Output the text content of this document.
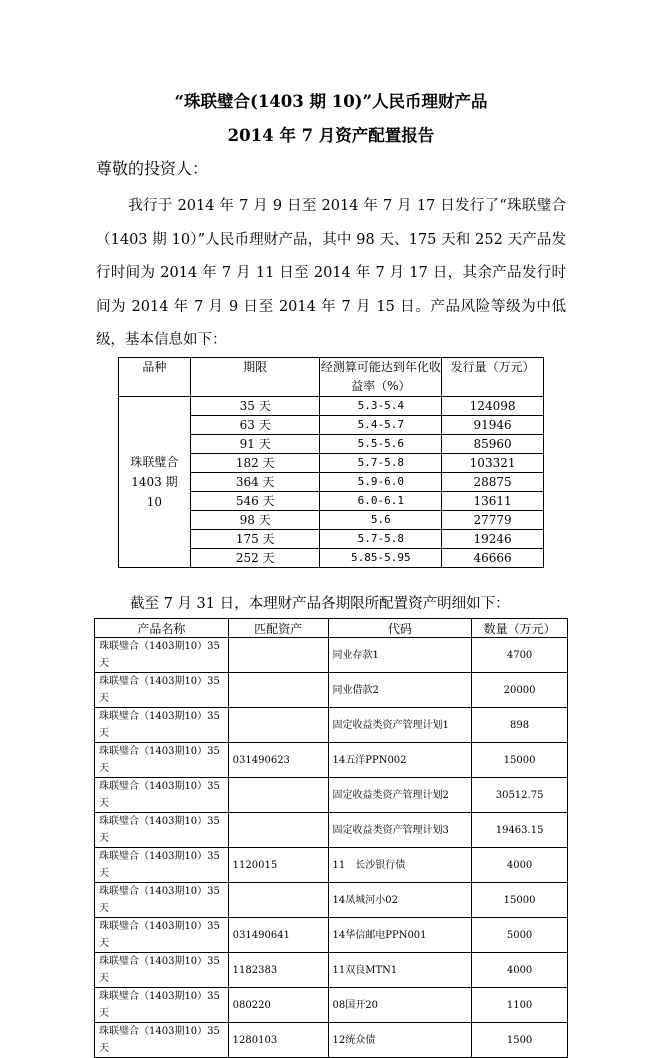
“珠联璧合(1403 期 10)”人民币理财产品
2014 年 7 月资产配置报告
尊敬的投资人：
我行于 2014 年 7 月 9 日至 2014 年 7 月 17 日发行了“珠联璧合（1403 期 10）”人民币理财产品，其中 98 天、175 天和 252 天产品发行时间为 2014 年 7 月 11 日至 2014 年 7 月 17 日，其余产品发行时间为 2014 年 7 月 9 日至 2014 年 7 月 15 日。产品风险等级为中低级，基本信息如下：
品种	期限	经测算可能达到年化收益率（%）	发行量（万元）
珠联璧合1403 期 10	35 天	5.3-5.4	124098
	63 天	5.4-5.7	91946
	91 天	5.5-5.6	85960
	182 天	5.7-5.8	103321
	364 天	5.9-6.0	28875
	546 天	6.0-6.1	13611
	98 天	5.6	27779
	175 天	5.7-5.8	19246
	252 天	5.85-5.95	46666
截至 7 月 31 日，本理财产品各期限所配置资产明细如下：
产品名称	匹配资产	代码	数量（万元）
珠联璧合（1403期10）35天		同业存款1	4700
珠联璧合（1403期10）35天		同业借款2	20000
珠联璧合（1403期10）35天		固定收益类资产管理计划1	898
珠联璧合（1403期10）35天	031490623	14五洋PPN002	15000
珠联璧合（1403期10）35天		固定收益类资产管理计划2	30512.75
珠联璧合（1403期10）35天		固定收益类资产管理计划3	19463.15
珠联璧合（1403期10）35天	1120015	11　长沙银行债	4000
珠联璧合（1403期10）35天		14凤城河小02	15000
珠联璧合（1403期10）35天	031490641	14华信邮电PPN001	5000
珠联璧合（1403期10）35天	1182383	11双良MTN1	4000
珠联璧合（1403期10）35天	080220	08国开20	1100
珠联璧合（1403期10）35天	1280103	12统众债	1500
